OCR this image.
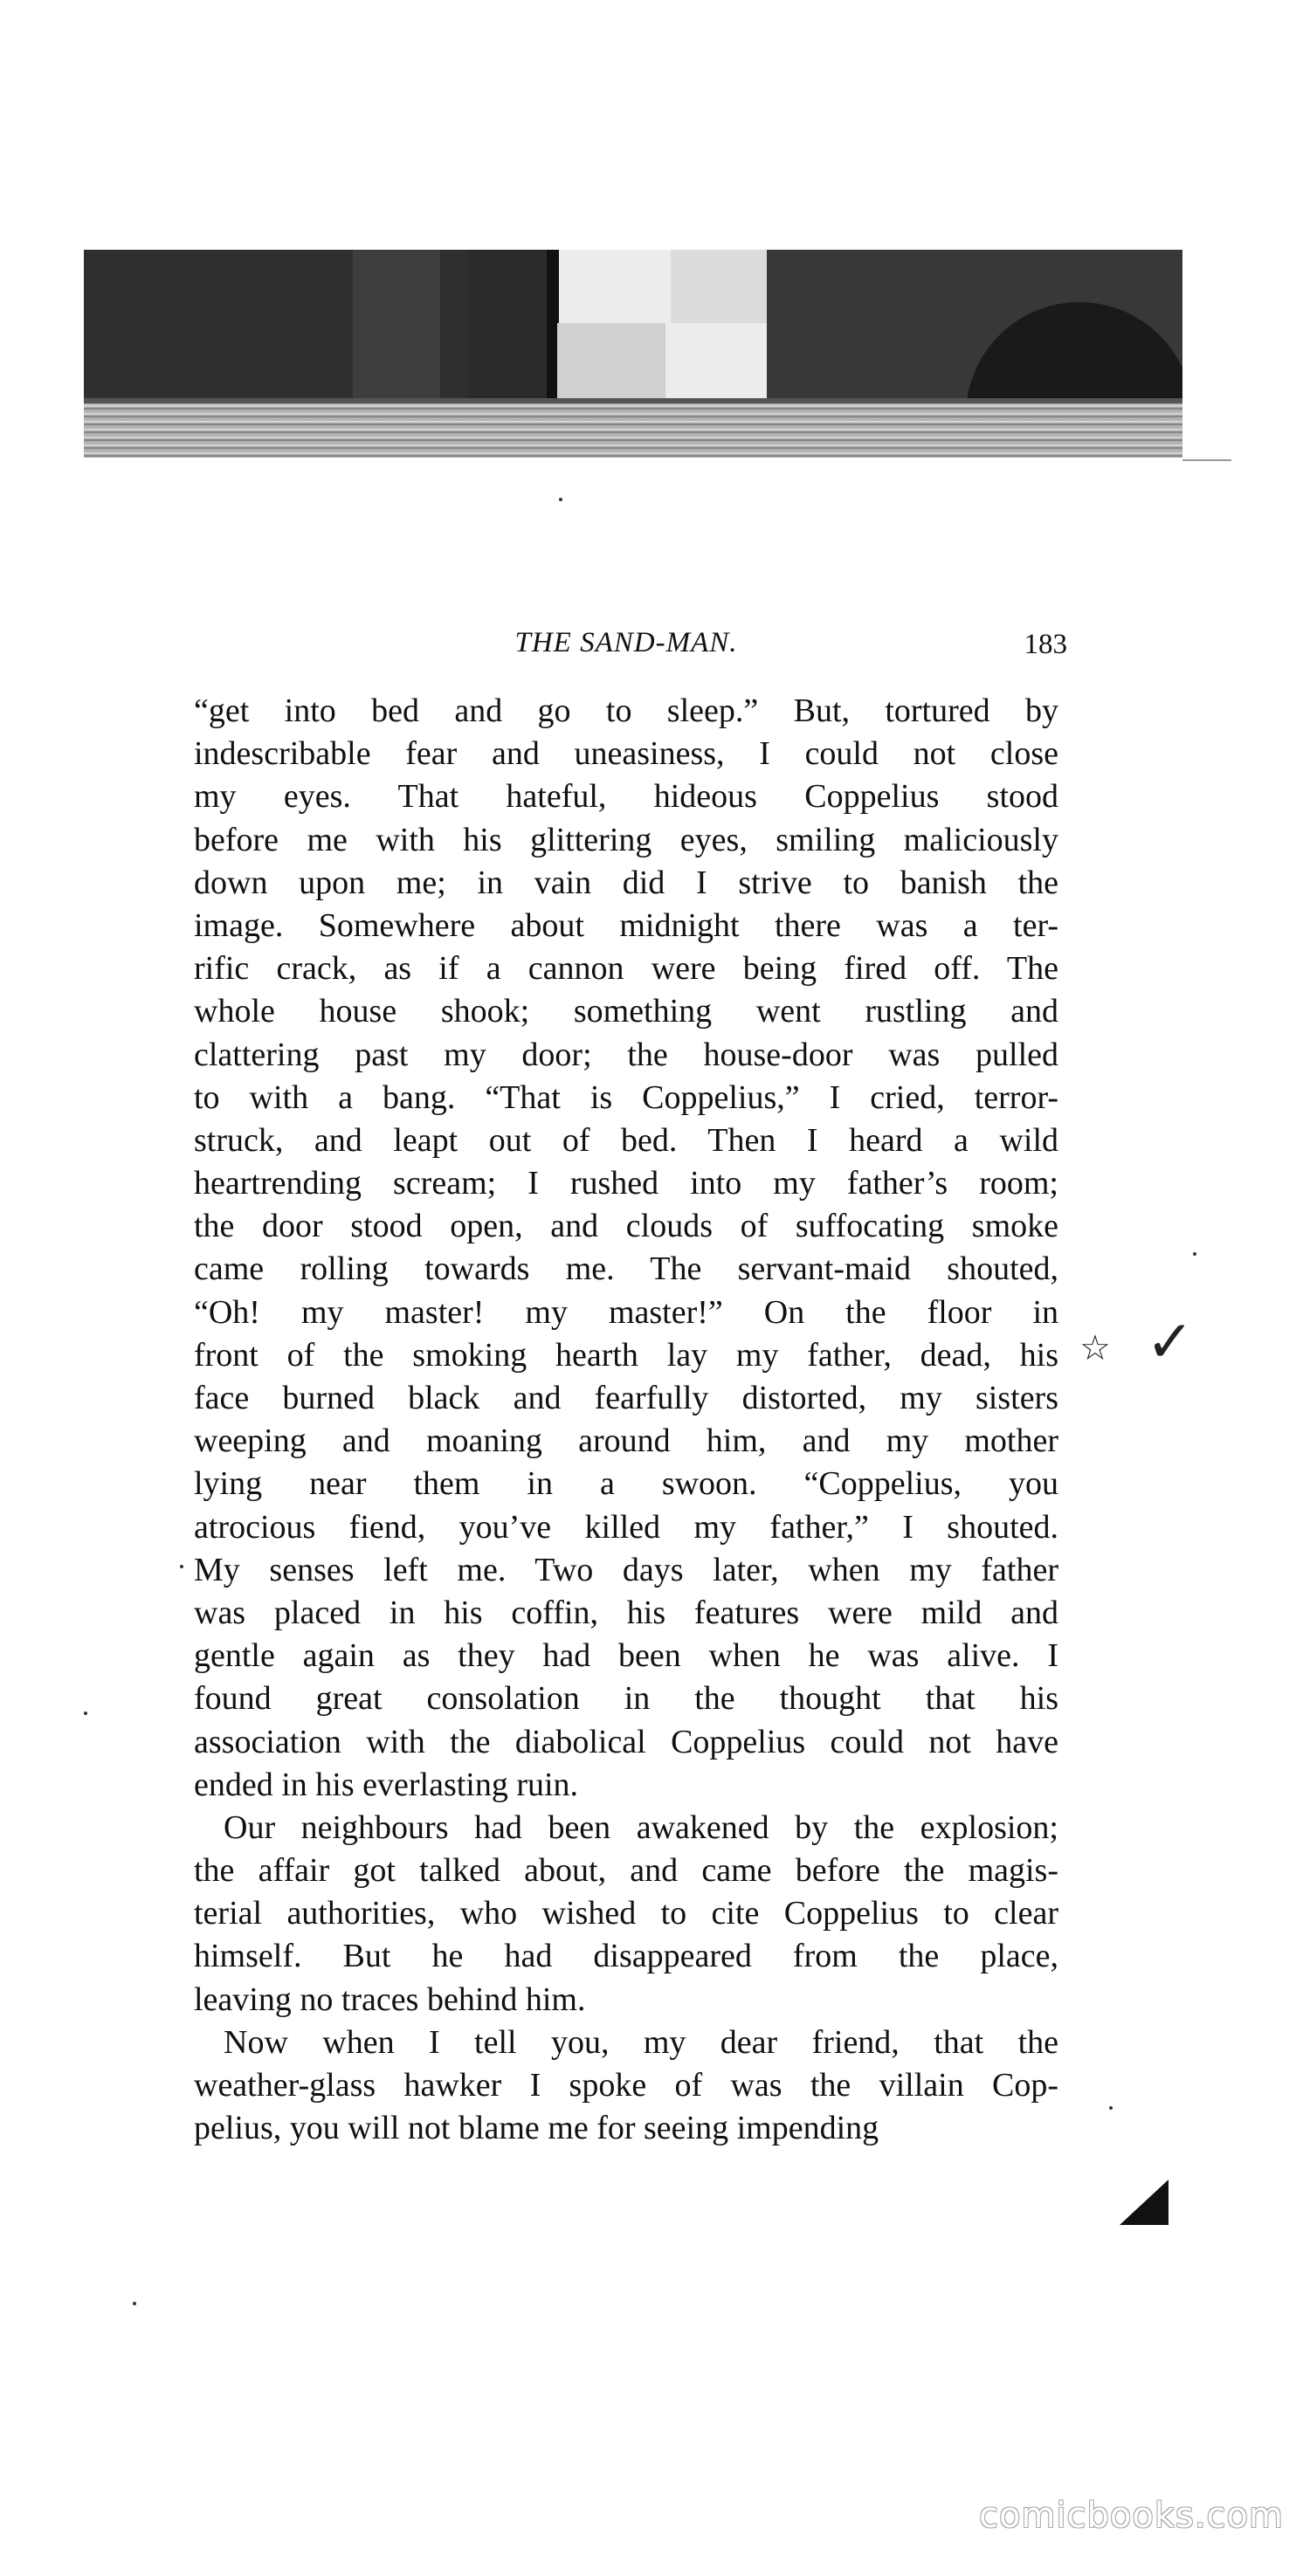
THE SAND-MAN.	183
“get into bed and go to sleep.” But, tortured by
indescribable fear and uneasiness, I could not close
my eyes. That hateful, hideous Coppelius stood
before me with his glittering eyes, smiling maliciously
down upon me; in vain did I strive to banish the
image. Somewhere about midnight there was a ter-
rific crack, as if a cannon were being fired off. The
whole house shook; something went rustling and
clattering past my door; the house-door was pulled
to with a bang. “That is Coppelius,” I cried, terror-
struck, and leapt out of bed. Then I heard a wild
heartrending scream; I rushed into my father’s room;
the door stood open, and clouds of suffocating smoke
came rolling towards me. The servant-maid shouted,
“Oh! my master! my master!” On the floor in
front of the smoking hearth lay my father, dead, his
face burned black and fearfully distorted, my sisters
weeping and moaning around him, and my mother
lying near them in a swoon. “Coppelius, you
atrocious fiend, you’ve killed my father,” I shouted.
My senses left me. Two days later, when my father
was placed in his coffin, his features were mild and
gentle again as they had been when he was alive. I
found great consolation in the thought that his
association with the diabolical Coppelius could not have
ended in his everlasting ruin.
Our neighbours had been awakened by the explosion;
the affair got talked about, and came before the magis-
terial authorities, who wished to cite Coppelius to clear
himself. But he had disappeared from the place,
leaving no traces behind him.
Now when I tell you, my dear friend, that the
weather-glass hawker I spoke of was the villain Cop-
pelius, you will not blame me for seeing impending
☆ ✓
comicbooks.com
